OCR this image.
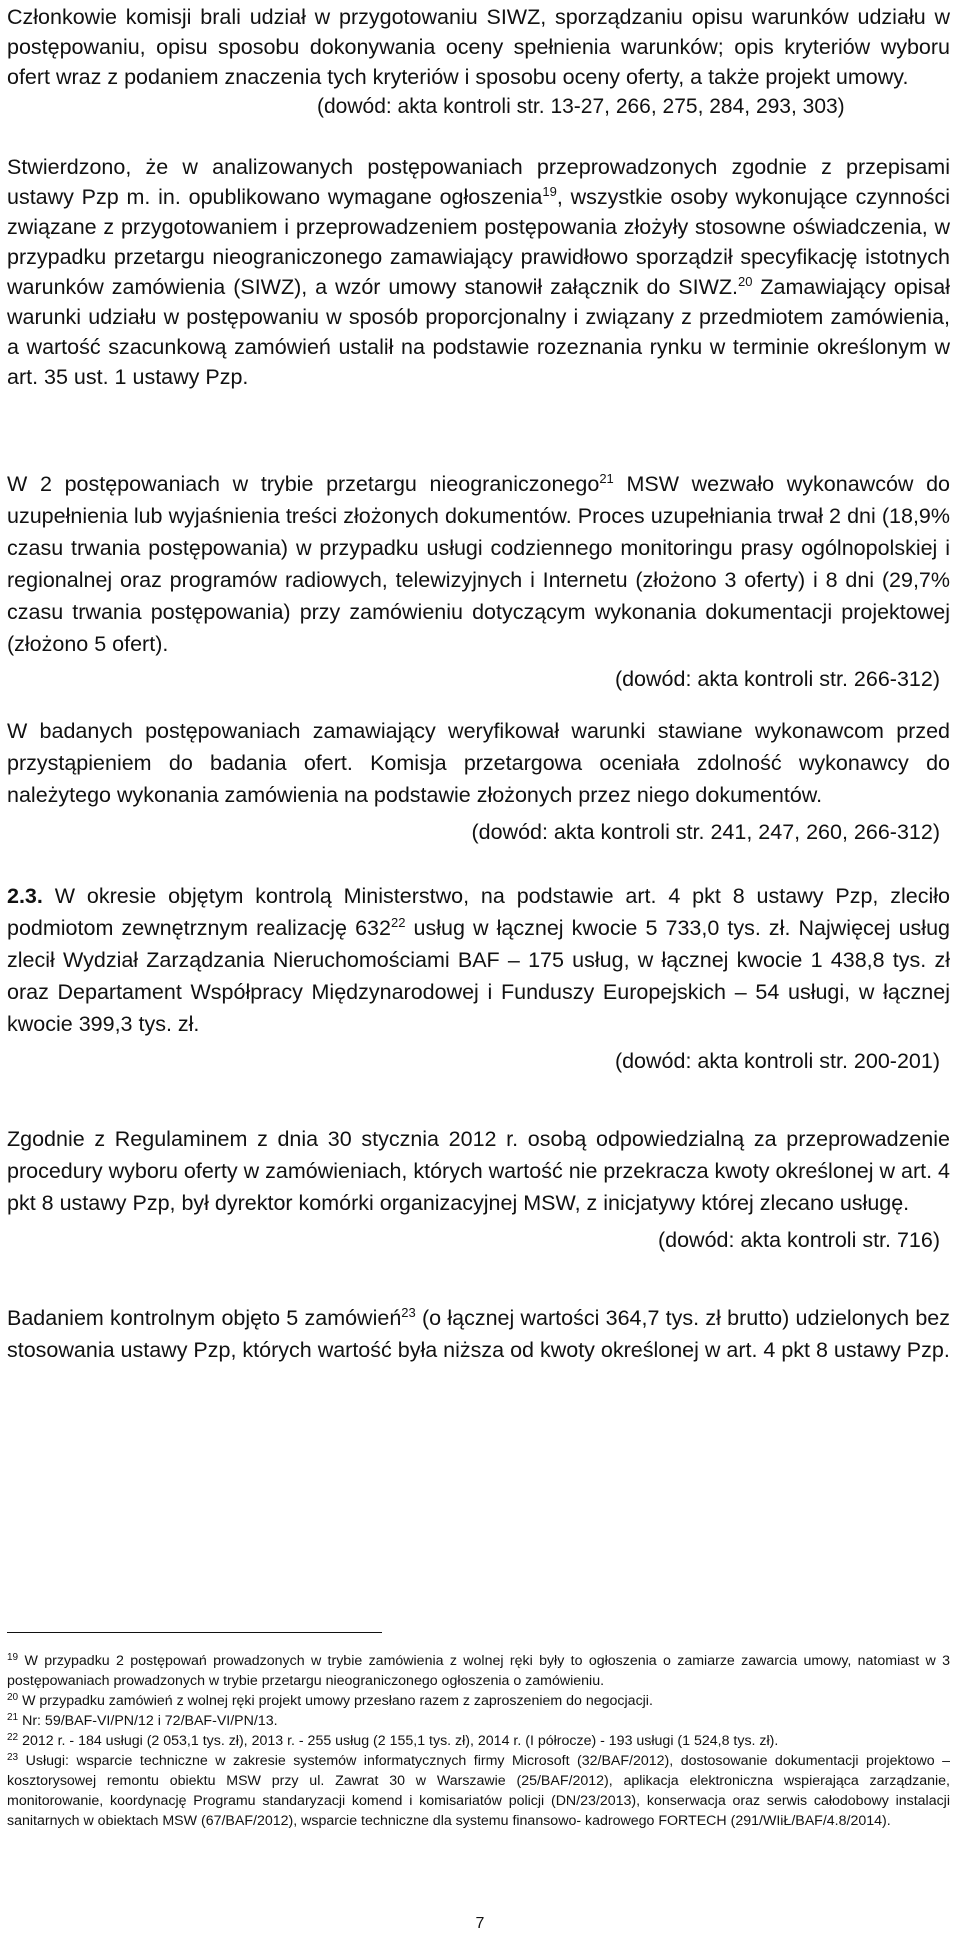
Członkowie komisji brali udział w przygotowaniu SIWZ, sporządzaniu opisu warunków udziału w postępowaniu, opisu sposobu dokonywania oceny spełnienia warunków; opis kryteriów wyboru ofert wraz z podaniem znaczenia tych kryteriów i sposobu oceny oferty, a także projekt umowy.

(dowód: akta kontroli str. 13-27, 266, 275, 284, 293, 303)

Stwierdzono, że w analizowanych postępowaniach przeprowadzonych zgodnie z przepisami ustawy Pzp m. in. opublikowano wymagane ogłoszenia$^{19}$, wszystkie osoby wykonujące czynności związane z przygotowaniem i przeprowadzeniem postępowania złożyły stosowne oświadczenia, w przypadku przetargu nieograniczonego zamawiający prawidłowo sporządził specyfikację istotnych warunków zamówienia (SIWZ), a wzór umowy stanowił załącznik do SIWZ.$^{20}$ Zamawiający opisał warunki udziału w postępowaniu w sposób proporcjonalny i związany z przedmiotem zamówienia, a wartość szacunkową zamówień ustalił na podstawie rozeznania rynku w terminie określonym w art. 35 ust. 1 ustawy Pzp.

W 2 postępowaniach w trybie przetargu nieograniczonego$^{21}$ MSW wezwało wykonawców do uzupełnienia lub wyjaśnienia treści złożonych dokumentów. Proces uzupełniania trwał 2 dni (18,9% czasu trwania postępowania) w przypadku usługi codziennego monitoringu prasy ogólnopolskiej i regionalnej oraz programów radiowych, telewizyjnych i Internetu (złożono 3 oferty) i 8 dni (29,7% czasu trwania postępowania) przy zamówieniu dotyczącym wykonania dokumentacji projektowej (złożono 5 ofert).

(dowód: akta kontroli str. 266-312)

W badanych postępowaniach zamawiający weryfikował warunki stawiane wykonawcom przed przystąpieniem do badania ofert. Komisja przetargowa oceniała zdolność wykonawcy do należytego wykonania zamówienia na podstawie złożonych przez niego dokumentów.

(dowód: akta kontroli str. 241, 247, 260, 266-312)

2.3. W okresie objętym kontrolą Ministerstwo, na podstawie art. 4 pkt 8 ustawy Pzp, zleciło podmiotom zewnętrznym realizację $632^{22}$ usług w łącznej kwocie 5 733,0 tys. zł. Najwięcej usług zlecił Wydział Zarządzania Nieruchomościami BAF – 175 usług, w łącznej kwocie 1 438,8 tys. zł oraz Departament Współpracy Międzynarodowej i Funduszy Europejskich – 54 usługi, w łącznej kwocie 399,3 tys. zł.

(dowód: akta kontroli str. 200-201)

Zgodnie z Regulaminem z dnia 30 stycznia 2012 r. osobą odpowiedzialną za przeprowadzenie procedury wyboru oferty w zamówieniach, których wartość nie przekracza kwoty określonej w art. 4 pkt 8 ustawy Pzp, był dyrektor komórki organizacyjnej MSW, z inicjatywy której zlecano usługę.

(dowód: akta kontroli str. 716)

Badaniem kontrolnym objęto 5 zamówień$^{23}$ (o łącznej wartości 364,7 tys. zł brutto) udzielonych bez stosowania ustawy Pzp, których wartość była niższa od kwoty określonej w art. 4 pkt 8 ustawy Pzp.

$^{19}$ W przypadku 2 postępowań prowadzonych w trybie zamówienia z wolnej ręki były to ogłoszenia o zamiarze zawarcia umowy, natomiast w 3 postępowaniach prowadzonych w trybie przetargu nieograniczonego ogłoszenia o zamówieniu.

$^{20}$ W przypadku zamówień z wolnej ręki projekt umowy przesłano razem z zaproszeniem do negocjacji.

$^{21}$ Nr: 59/BAF-VI/PN/12 i 72/BAF-VI/PN/13.

$^{22}$ 2012 r. - 184 usługi (2 053,1 tys. zł), 2013 r. - 255 usług (2 155,1 tys. zł), 2014 r. (I półrocze) - 193 usługi (1 524,8 tys. zł).

$^{23}$ Usługi: wsparcie techniczne w zakresie systemów informatycznych firmy Microsoft (32/BAF/2012), dostosowanie dokumentacji projektowo – kosztorysowej remontu obiektu MSW przy ul. Zawrat 30 w Warszawie (25/BAF/2012), aplikacja elektroniczna wspierająca zarządzanie, monitorowanie, koordynację Programu standaryzacji komend i komisariatów policji (DN/23/2013), konserwacja oraz serwis całodobowy instalacji sanitarnych w obiektach MSW (67/BAF/2012), wsparcie techniczne dla systemu finansowo- kadrowego FORTECH (291/WIiŁ/BAF/4.8/2014).

7
